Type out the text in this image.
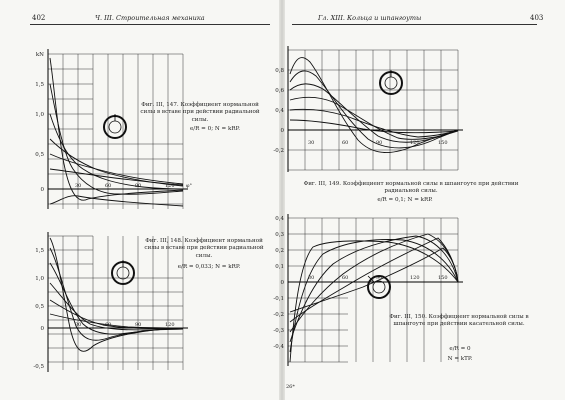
402	Ч. III. Строительная механика
kN
1,5
1,0
0,5
0
30	60	90	120 φ°
Фиг. III, 147. Коэффициент нормальной силы в вставе при действии радиальной силы.
e/R = 0; N = kRP.
1,5
1,0
0,5
0
-0,5
30	60	90	120
Фиг. III, 148. Коэффициент нормальной силы в вставе при действии радиальной силы.
e/R = 0,033; N = kRP.
Гл. XIII. Кольца и шпангоуты	403
0,8
0,6
0,4
0
-0,2
30	60	90	120	150
Фиг. III, 149. Коэффициент нормальной силы в шпангоуте при действии радиальной силы.
e/R = 0,1; N = kRP.
0,4
0,3
0,2
0,1
0
-0,1
-0,2
-0,3
-0,4
30	60	90	120	150
Фиг. III, 150. Коэффициент нормальной силы в шпангоуте при действии касательной силы.
e/R = 0
N = kTP.
26*
